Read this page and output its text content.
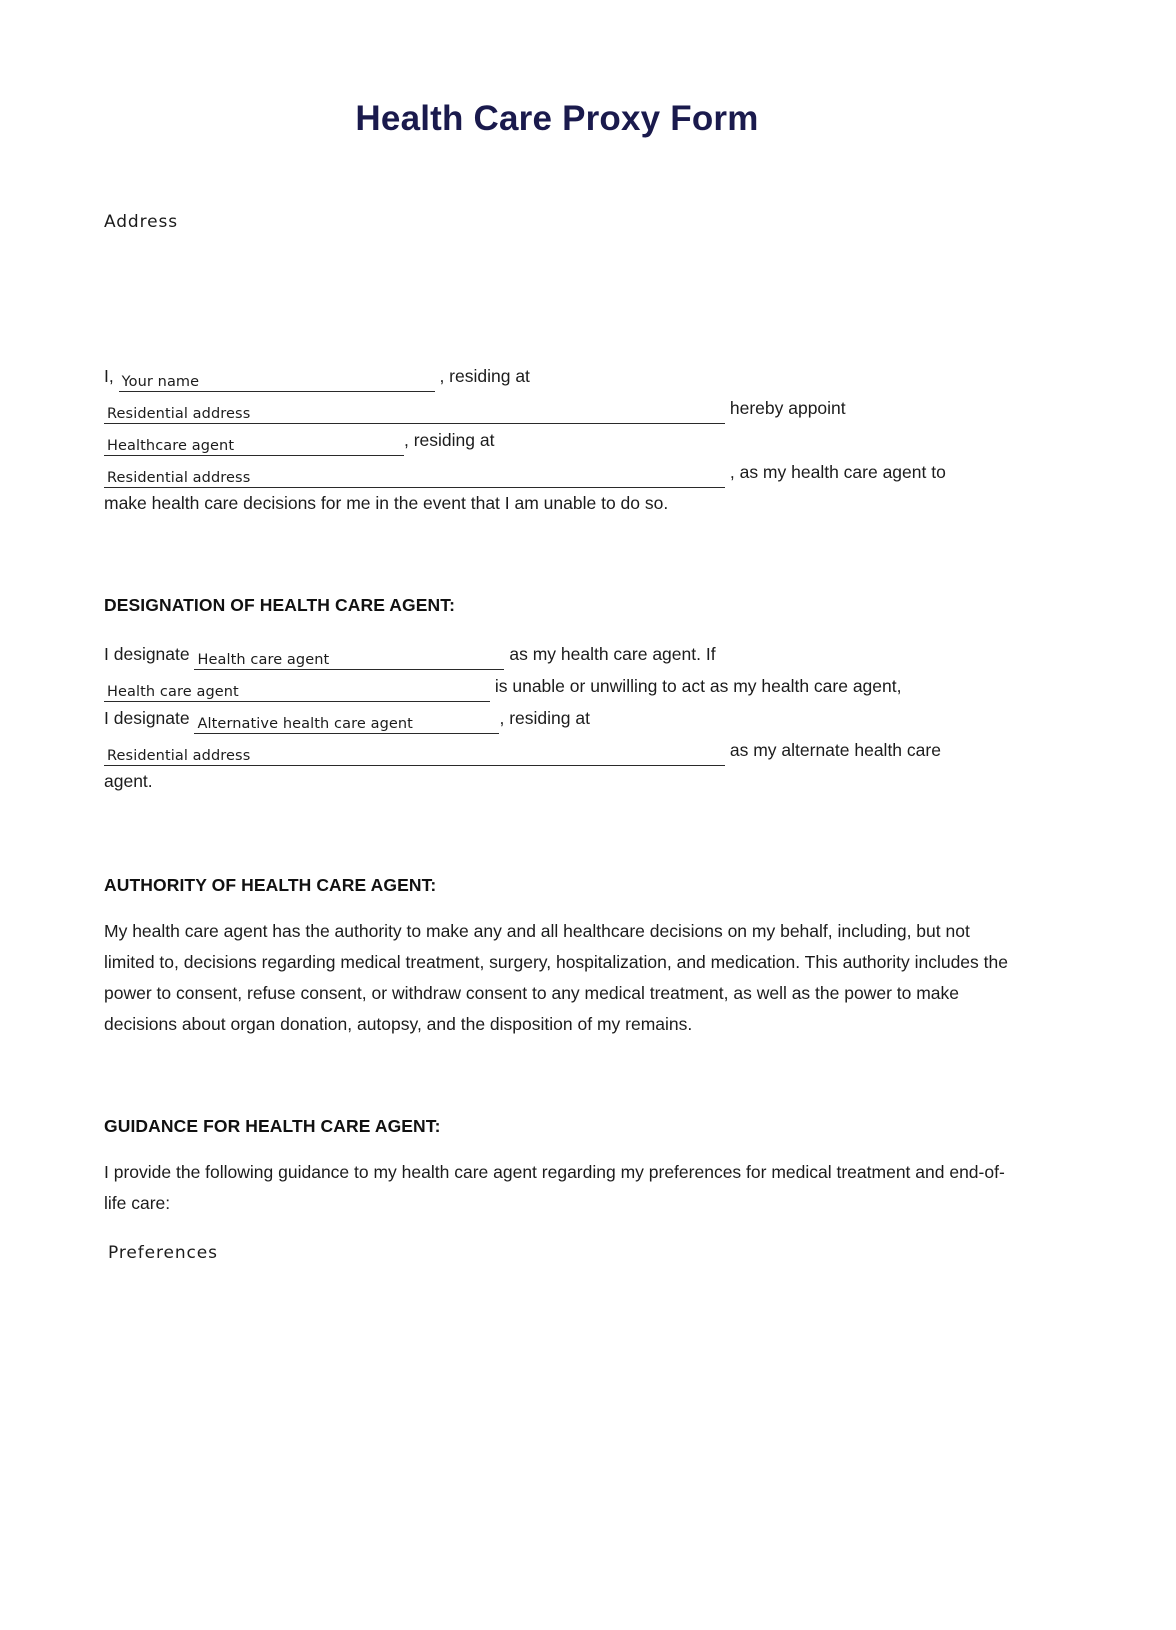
Health Care Proxy Form
Address
I, Your name	, residing at
Residential address	hereby appoint
Healthcare agent	, residing at
Residential address	, as my health care agent to
make health care decisions for me in the event that I am unable to do so.
DESIGNATION OF HEALTH CARE AGENT:
I designate Health care agent	as my health care agent. If
Health care agent	is unable or unwilling to act as my health care agent,
I designate Alternative health care agent	, residing at
Residential address	as my alternate health care
agent.
AUTHORITY OF HEALTH CARE AGENT:

My health care agent has the authority to make any and all healthcare decisions on my behalf, including, but not limited to, decisions regarding medical treatment, surgery, hospitalization, and medication. This authority includes the power to consent, refuse consent, or withdraw consent to any medical treatment, as well as the power to make decisions about organ donation, autopsy, and the disposition of my remains.

GUIDANCE FOR HEALTH CARE AGENT:

I provide the following guidance to my health care agent regarding my preferences for medical treatment and end-of-life care:

Preferences
